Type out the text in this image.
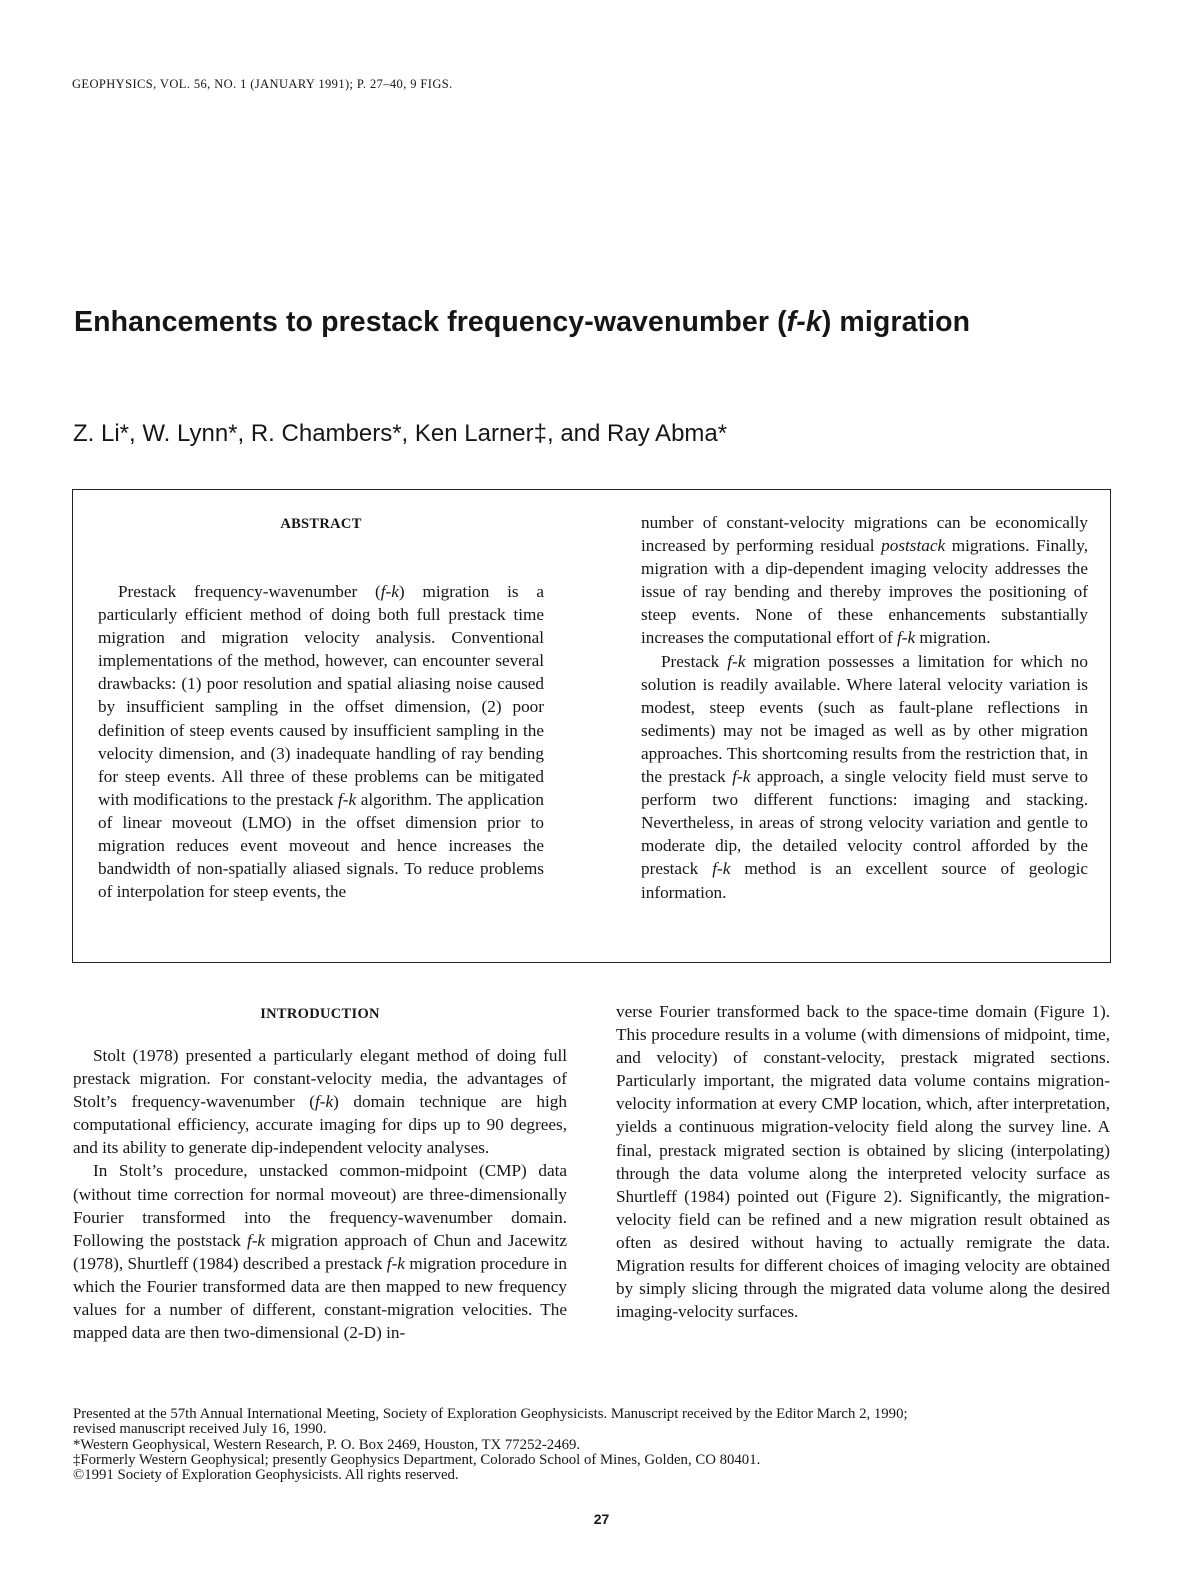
GEOPHYSICS, VOL. 56, NO. 1 (JANUARY 1991); P. 27–40, 9 FIGS.
Enhancements to prestack frequency-wavenumber (f-k) migration
Z. Li*, W. Lynn*, R. Chambers*, Ken Larner‡, and Ray Abma*
ABSTRACT

Prestack frequency-wavenumber (f-k) migration is a particularly efficient method of doing both full prestack time migration and migration velocity analysis. Conventional implementations of the method, however, can encounter several drawbacks: (1) poor resolution and spatial aliasing noise caused by insufficient sampling in the offset dimension, (2) poor definition of steep events caused by insufficient sampling in the velocity dimension, and (3) inadequate handling of ray bending for steep events. All three of these problems can be mitigated with modifications to the prestack f-k algorithm. The application of linear moveout (LMO) in the offset dimension prior to migration reduces event moveout and hence increases the bandwidth of non-spatially aliased signals. To reduce problems of interpolation for steep events, the

number of constant-velocity migrations can be economically increased by performing residual poststack migrations. Finally, migration with a dip-dependent imaging velocity addresses the issue of ray bending and thereby improves the positioning of steep events. None of these enhancements substantially increases the computational effort of f-k migration.

Prestack f-k migration possesses a limitation for which no solution is readily available. Where lateral velocity variation is modest, steep events (such as fault-plane reflections in sediments) may not be imaged as well as by other migration approaches. This shortcoming results from the restriction that, in the prestack f-k approach, a single velocity field must serve to perform two different functions: imaging and stacking. Nevertheless, in areas of strong velocity variation and gentle to moderate dip, the detailed velocity control afforded by the prestack f-k method is an excellent source of geologic information.

INTRODUCTION

Stolt (1978) presented a particularly elegant method of doing full prestack migration. For constant-velocity media, the advantages of Stolt’s frequency-wavenumber (f-k) domain technique are high computational efficiency, accurate imaging for dips up to 90 degrees, and its ability to generate dip-independent velocity analyses.

In Stolt’s procedure, unstacked common-midpoint (CMP) data (without time correction for normal moveout) are three-dimensionally Fourier transformed into the frequency-wavenumber domain. Following the poststack f-k migration approach of Chun and Jacewitz (1978), Shurtleff (1984) described a prestack f-k migration procedure in which the Fourier transformed data are then mapped to new frequency values for a number of different, constant-migration velocities. The mapped data are then two-dimensional (2-D) in-

verse Fourier transformed back to the space-time domain (Figure 1). This procedure results in a volume (with dimensions of midpoint, time, and velocity) of constant-velocity, prestack migrated sections. Particularly important, the migrated data volume contains migration-velocity information at every CMP location, which, after interpretation, yields a continuous migration-velocity field along the survey line. A final, prestack migrated section is obtained by slicing (interpolating) through the data volume along the interpreted velocity surface as Shurtleff (1984) pointed out (Figure 2). Significantly, the migration-velocity field can be refined and a new migration result obtained as often as desired without having to actually remigrate the data. Migration results for different choices of imaging velocity are obtained by simply slicing through the migrated data volume along the desired imaging-velocity surfaces.

Presented at the 57th Annual International Meeting, Society of Exploration Geophysicists. Manuscript received by the Editor March 2, 1990;
revised manuscript received July 16, 1990.
*Western Geophysical, Western Research, P. O. Box 2469, Houston, TX 77252-2469.
‡Formerly Western Geophysical; presently Geophysics Department, Colorado School of Mines, Golden, CO 80401.
©1991 Society of Exploration Geophysicists. All rights reserved.
27
